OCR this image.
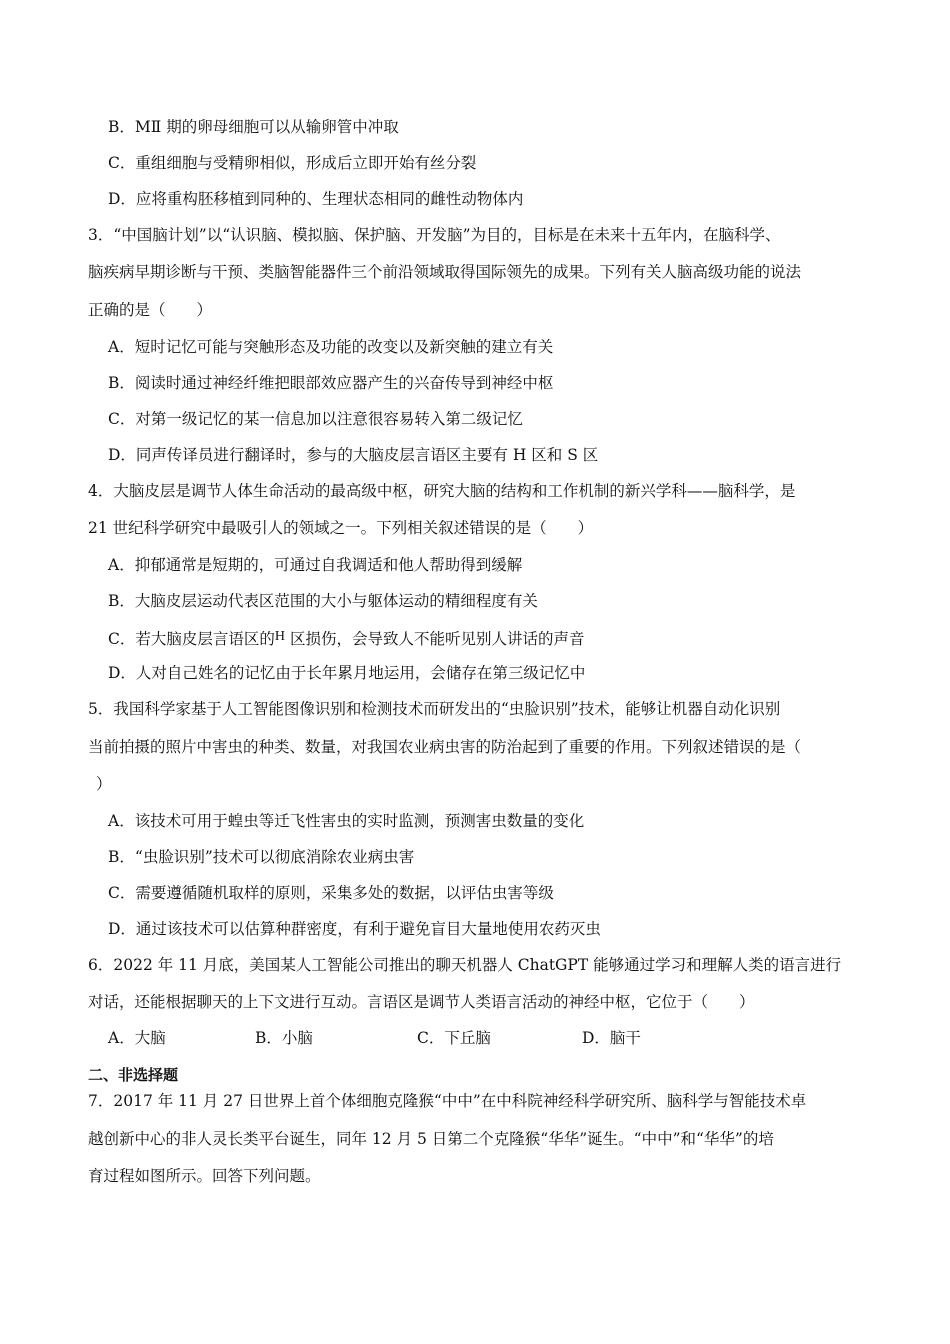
B．MⅡ 期的卵母细胞可以从输卵管中冲取
C．重组细胞与受精卵相似，形成后立即开始有丝分裂
D．应将重构胚移植到同种的、生理状态相同的雌性动物体内
3．“中国脑计划”以“认识脑、模拟脑、保护脑、开发脑”为目的，目标是在未来十五年内，在脑科学、
脑疾病早期诊断与干预、类脑智能器件三个前沿领域取得国际领先的成果。下列有关人脑高级功能的说法
正确的是（　　）
A．短时记忆可能与突触形态及功能的改变以及新突触的建立有关
B．阅读时通过神经纤维把眼部效应器产生的兴奋传导到神经中枢
C．对第一级记忆的某一信息加以注意很容易转入第二级记忆
D．同声传译员进行翻译时，参与的大脑皮层言语区主要有 H 区和 S 区
4．大脑皮层是调节人体生命活动的最高级中枢，研究大脑的结构和工作机制的新兴学科——脑科学，是
21 世纪科学研究中最吸引人的领域之一。下列相关叙述错误的是（　　）
A．抑郁通常是短期的，可通过自我调适和他人帮助得到缓解
B．大脑皮层运动代表区范围的大小与躯体运动的精细程度有关
C．若大脑皮层言语区的H 区损伤，会导致人不能听见别人讲话的声音
D．人对自己姓名的记忆由于长年累月地运用，会储存在第三级记忆中
5．我国科学家基于人工智能图像识别和检测技术而研发出的“虫脸识别”技术，能够让机器自动化识别
当前拍摄的照片中害虫的种类、数量，对我国农业病虫害的防治起到了重要的作用。下列叙述错误的是（
）
A．该技术可用于蝗虫等迁飞性害虫的实时监测，预测害虫数量的变化
B．“虫脸识别”技术可以彻底消除农业病虫害
C．需要遵循随机取样的原则，采集多处的数据，以评估虫害等级
D．通过该技术可以估算种群密度，有利于避免盲目大量地使用农药灭虫
6．2022 年 11 月底，美国某人工智能公司推出的聊天机器人 ChatGPT 能够通过学习和理解人类的语言进行
对话，还能根据聊天的上下文进行互动。言语区是调节人类语言活动的神经中枢，它位于（　　）
A．大脑	B．小脑	C．下丘脑	D．脑干
二、非选择题
7．2017 年 11 月 27 日世界上首个体细胞克隆猴“中中”在中科院神经科学研究所、脑科学与智能技术卓
越创新中心的非人灵长类平台诞生，同年 12 月 5 日第二个克隆猴“华华”诞生。“中中”和“华华”的培
育过程如图所示。回答下列问题。
